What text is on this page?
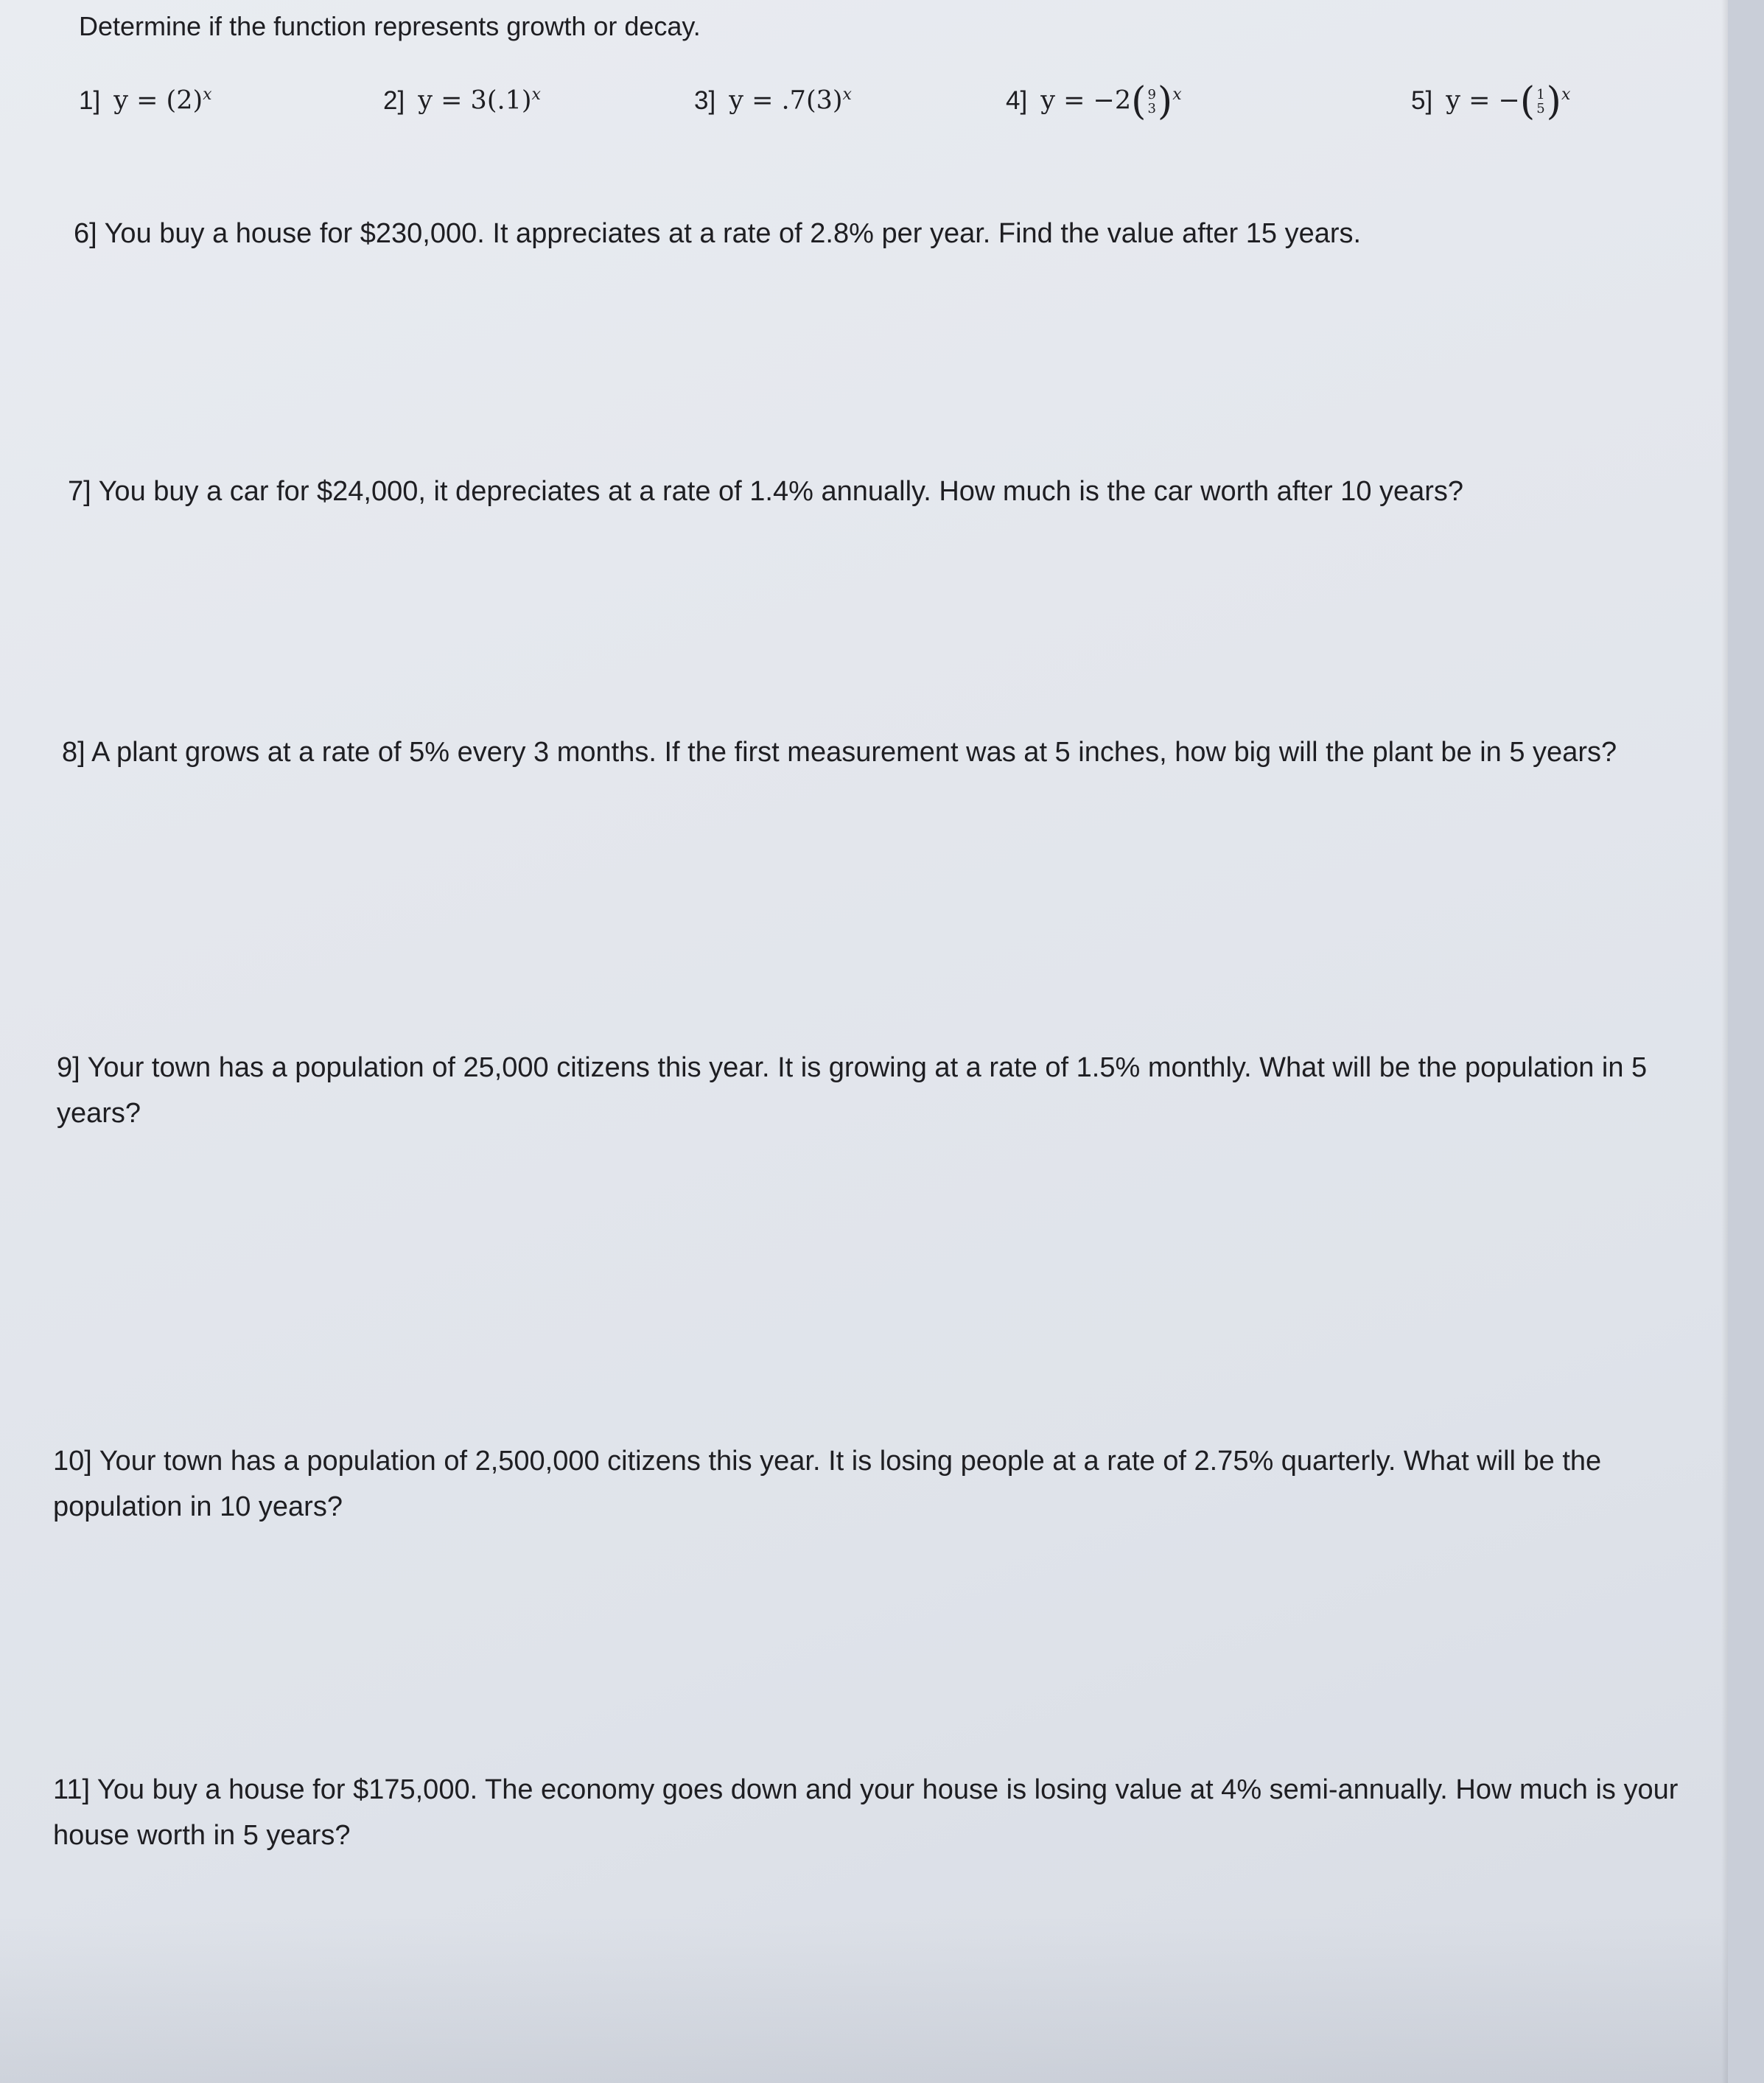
Determine if the function represents growth or decay.
1] $y = (2)^x$	2] $y = 3(.1)^x$	3] $y = .7(3)^x$	4] y = −2( 9
3 )$^x$	5] y = −( 1
5 )$^x$
6] You buy a house for $230,000. It appreciates at a rate of 2.8% per year. Find the value after 15 years.
7] You buy a car for $24,000, it depreciates at a rate of 1.4% annually. How much is the car worth after 10 years?
8] A plant grows at a rate of 5% every 3 months. If the first measurement was at 5 inches, how big will the plant be in 5 years?
9] Your town has a population of 25,000 citizens this year. It is growing at a rate of 1.5% monthly. What will be the population in 5 years?
10] Your town has a population of 2,500,000 citizens this year. It is losing people at a rate of 2.75% quarterly. What will be the population in 10 years?
11] You buy a house for $175,000. The economy goes down and your house is losing value at 4% semi-annually. How much is your house worth in 5 years?
